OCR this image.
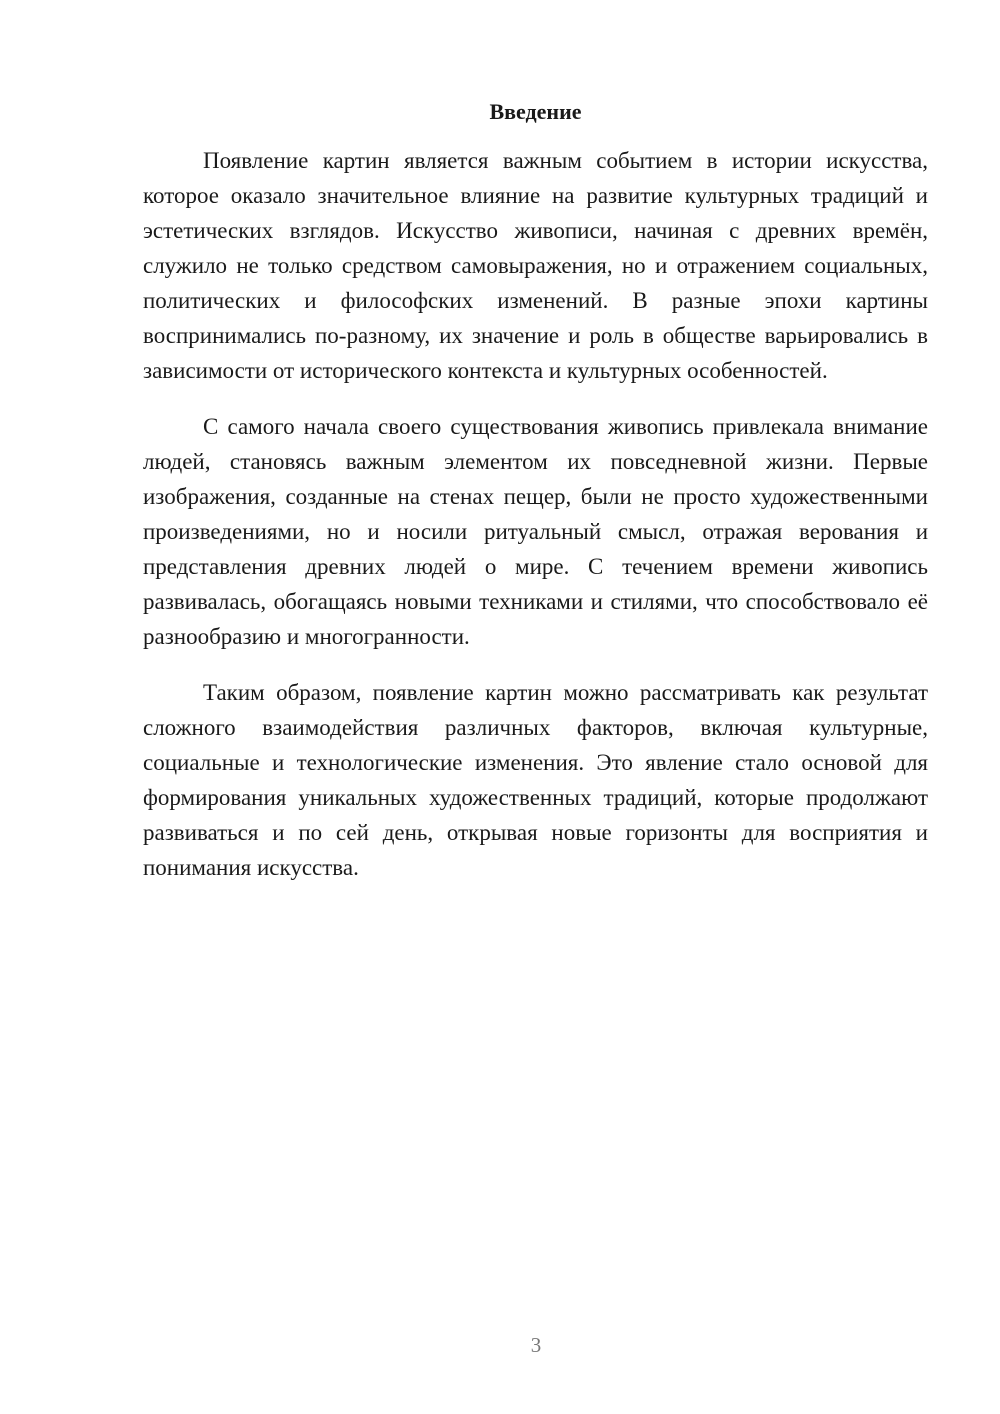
Введение

Появление картин является важным событием в истории искусства, которое оказало значительное влияние на развитие культурных традиций и эстетических взглядов. Искусство живописи, начиная с древних времён, служило не только средством самовыражения, но и отражением социальных, политических и философских изменений. В разные эпохи картины воспринимались по-разному, их значение и роль в обществе варьировались в зависимости от исторического контекста и культурных особенностей.

С самого начала своего существования живопись привлекала внимание людей, становясь важным элементом их повседневной жизни. Первые изображения, созданные на стенах пещер, были не просто художественными произведениями, но и носили ритуальный смысл, отражая верования и представления древних людей о мире. С течением времени живопись развивалась, обогащаясь новыми техниками и стилями, что способствовало её разнообразию и многогранности.

Таким образом, появление картин можно рассматривать как результат сложного взаимодействия различных факторов, включая культурные, социальные и технологические изменения. Это явление стало основой для формирования уникальных художественных традиций, которые продолжают развиваться и по сей день, открывая новые горизонты для восприятия и понимания искусства.

3
